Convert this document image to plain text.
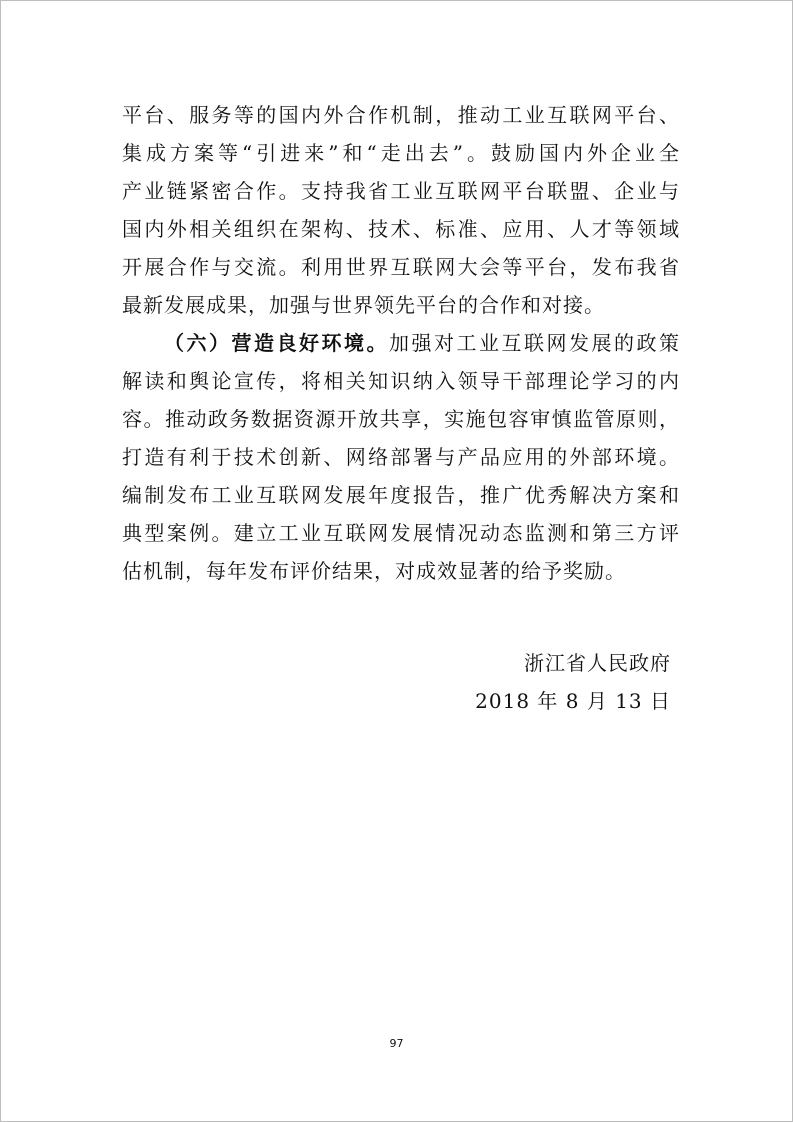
平台、服务等的国内外合作机制，推动工业互联网平台、
集成方案等“引进来”和“走出去”。鼓励国内外企业全
产业链紧密合作。支持我省工业互联网平台联盟、企业与
国内外相关组织在架构、技术、标准、应用、人才等领域
开展合作与交流。利用世界互联网大会等平台，发布我省
最新发展成果，加强与世界领先平台的合作和对接。
（六）营造良好环境。加强对工业互联网发展的政策
解读和舆论宣传，将相关知识纳入领导干部理论学习的内
容。推动政务数据资源开放共享，实施包容审慎监管原则，
打造有利于技术创新、网络部署与产品应用的外部环境。
编制发布工业互联网发展年度报告，推广优秀解决方案和
典型案例。建立工业互联网发展情况动态监测和第三方评
估机制，每年发布评价结果，对成效显著的给予奖励。
浙江省人民政府
2018 年 8 月 13 日
97
